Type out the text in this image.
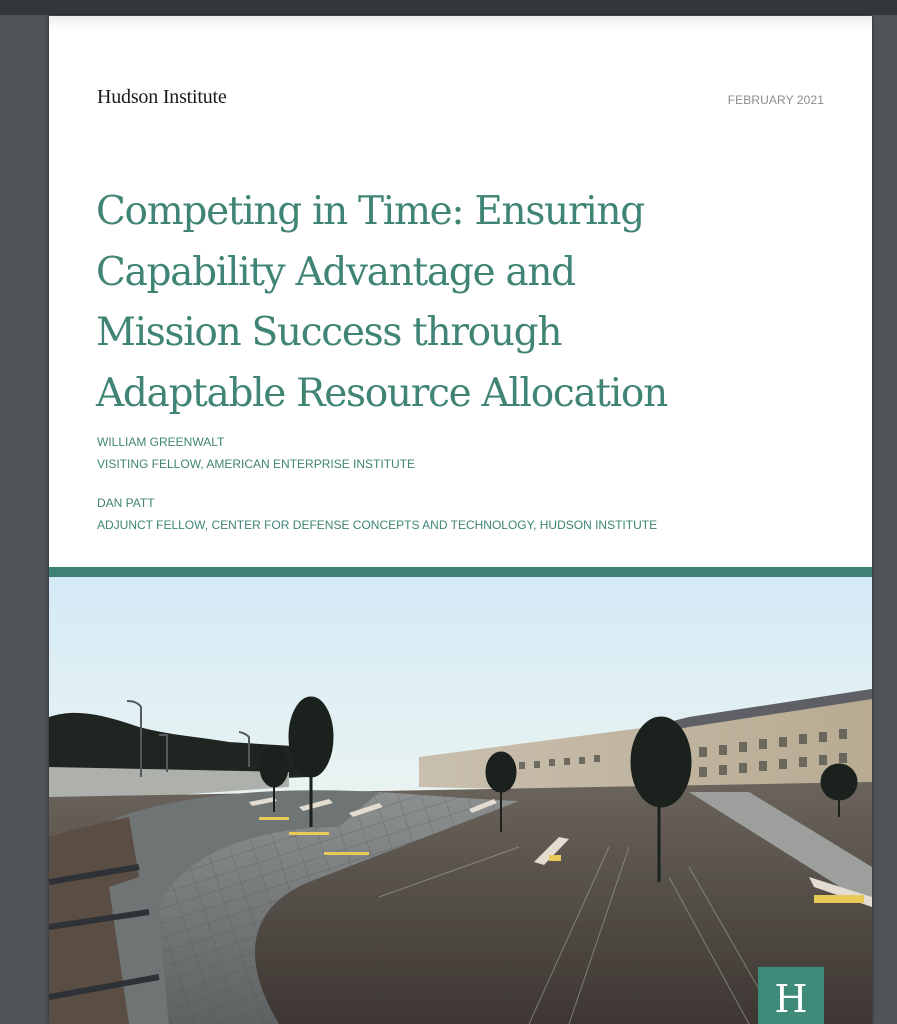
Hudson Institute	FEBRUARY 2021
Competing in Time: Ensuring
Capability Advantage and
Mission Success through
Adaptable Resource Allocation
WILLIAM GREENWALT
VISITING FELLOW, AMERICAN ENTERPRISE INSTITUTE
DAN PATT
ADJUNCT FELLOW, CENTER FOR DEFENSE CONCEPTS AND TECHNOLOGY, HUDSON INSTITUTE
H
